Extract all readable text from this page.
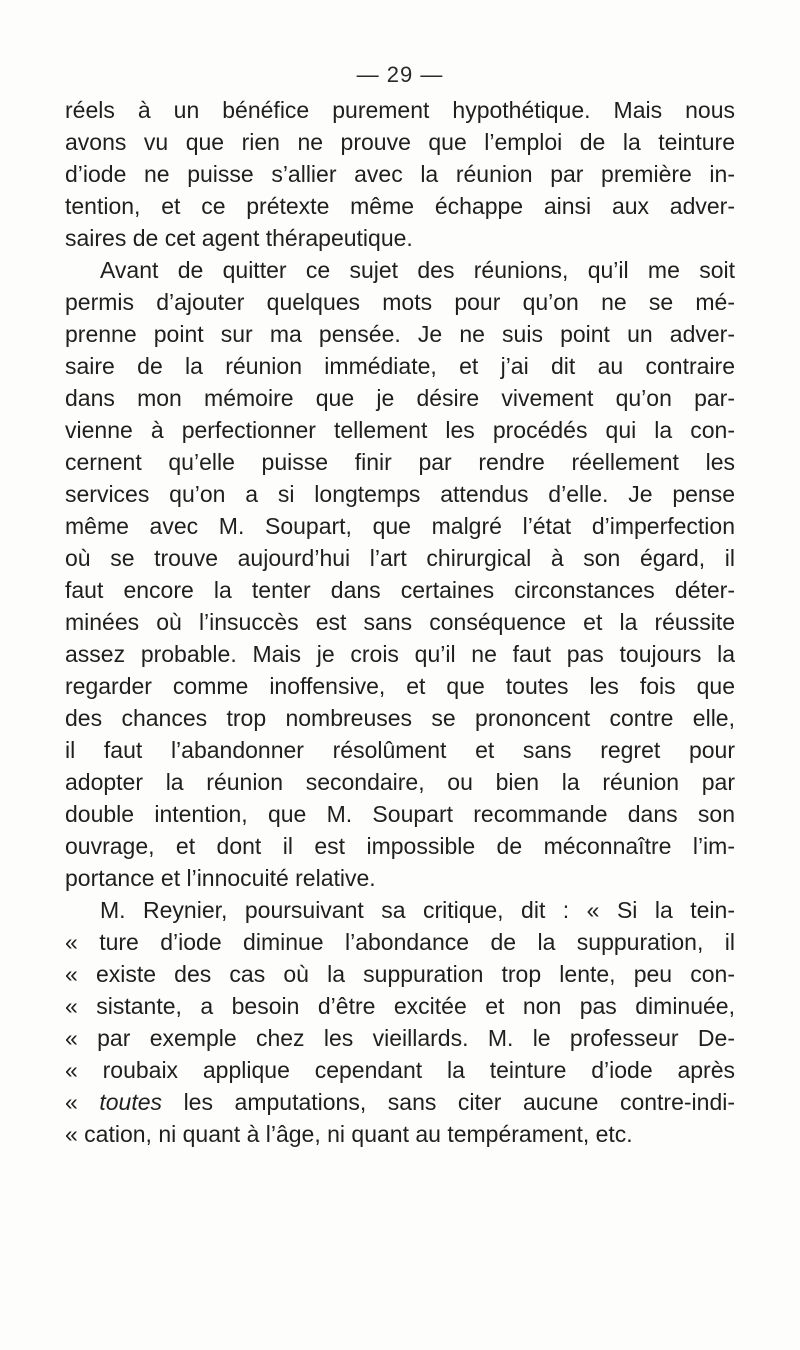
— 29 —
réels à un bénéfice purement hypothétique. Mais nous
avons vu que rien ne prouve que l’emploi de la teinture
d’iode ne puisse s’allier avec la réunion par première in-
tention, et ce prétexte même échappe ainsi aux adver-
saires de cet agent thérapeutique.
Avant de quitter ce sujet des réunions, qu’il me soit
permis d’ajouter quelques mots pour qu’on ne se mé-
prenne point sur ma pensée. Je ne suis point un adver-
saire de la réunion immédiate, et j’ai dit au contraire
dans mon mémoire que je désire vivement qu’on par-
vienne à perfectionner tellement les procédés qui la con-
cernent qu’elle puisse finir par rendre réellement les
services qu’on a si longtemps attendus d’elle. Je pense
même avec M. Soupart, que malgré l’état d’imperfection
où se trouve aujourd’hui l’art chirurgical à son égard, il
faut encore la tenter dans certaines circonstances déter-
minées où l’insuccès est sans conséquence et la réussite
assez probable. Mais je crois qu’il ne faut pas toujours la
regarder comme inoffensive, et que toutes les fois que
des chances trop nombreuses se prononcent contre elle,
il faut l’abandonner résolûment et sans regret pour
adopter la réunion secondaire, ou bien la réunion par
double intention, que M. Soupart recommande dans son
ouvrage, et dont il est impossible de méconnaître l’im-
portance et l’innocuité relative.
M. Reynier, poursuivant sa critique, dit : « Si la tein-
« ture d’iode diminue l’abondance de la suppuration, il
« existe des cas où la suppuration trop lente, peu con-
« sistante, a besoin d’être excitée et non pas diminuée,
« par exemple chez les vieillards. M. le professeur De-
« roubaix applique cependant la teinture d’iode après
« toutes les amputations, sans citer aucune contre-indi-
« cation, ni quant à l’âge, ni quant au tempérament, etc.
